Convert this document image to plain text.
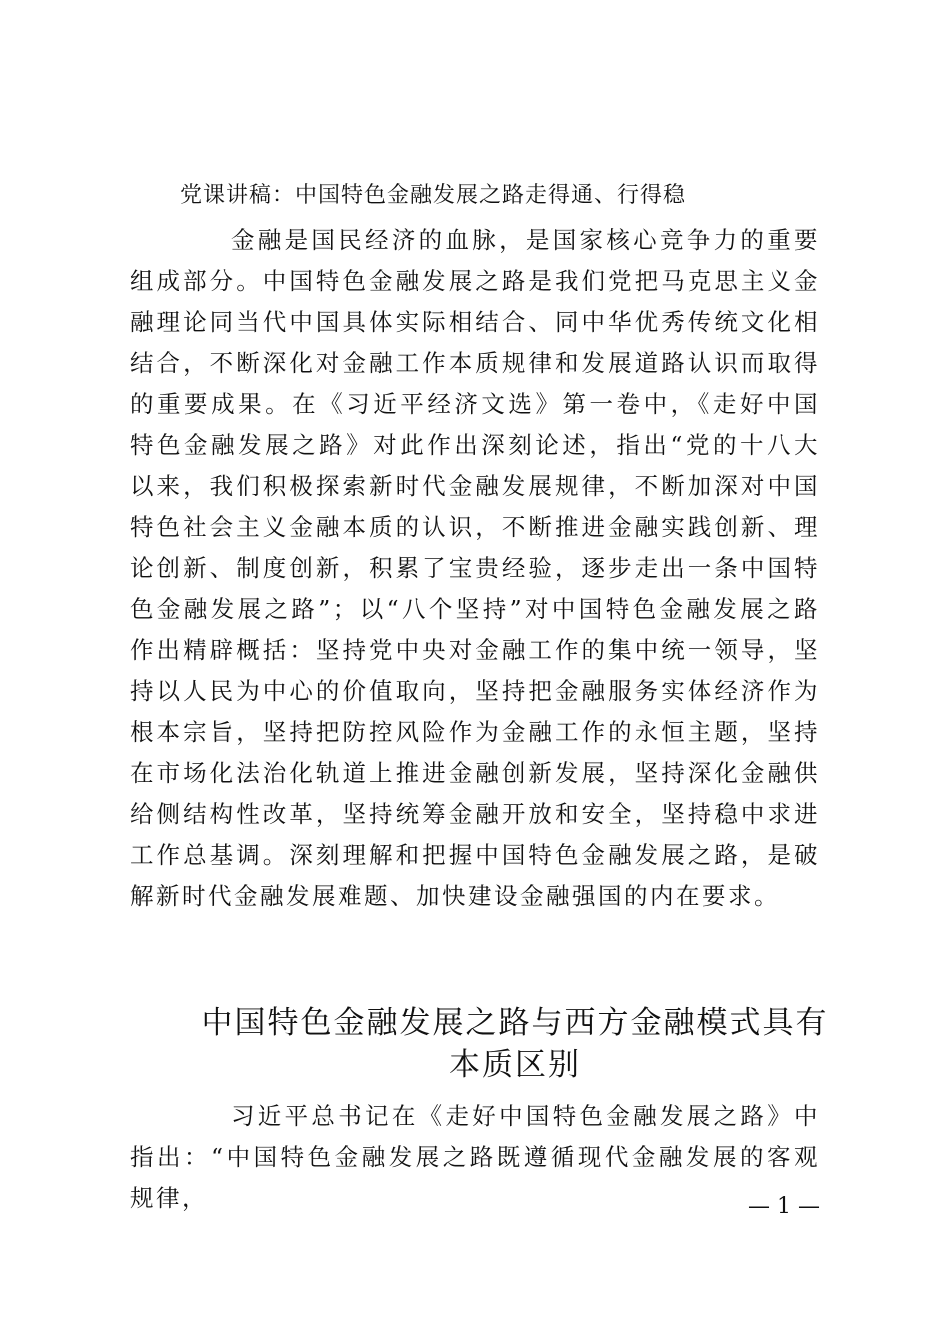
党课讲稿：中国特色金融发展之路走得通、行得稳

金融是国民经济的血脉，是国家核心竞争力的重要组成部分。中国特色金融发展之路是我们党把马克思主义金融理论同当代中国具体实际相结合、同中华优秀传统文化相结合，不断深化对金融工作本质规律和发展道路认识而取得的重要成果。在《习近平经济文选》第一卷中，《走好中国特色金融发展之路》对此作出深刻论述，指出“党的十八大以来，我们积极探索新时代金融发展规律，不断加深对中国特色社会主义金融本质的认识，不断推进金融实践创新、理论创新、制度创新，积累了宝贵经验，逐步走出一条中国特色金融发展之路”；以“八个坚持”对中国特色金融发展之路作出精辟概括：坚持党中央对金融工作的集中统一领导，坚持以人民为中心的价值取向，坚持把金融服务实体经济作为根本宗旨，坚持把防控风险作为金融工作的永恒主题，坚持在市场化法治化轨道上推进金融创新发展，坚持深化金融供给侧结构性改革，坚持统筹金融开放和安全，坚持稳中求进工作总基调。深刻理解和把握中国特色金融发展之路，是破解新时代金融发展难题、加快建设金融强国的内在要求。

中国特色金融发展之路与西方金融模式具有本质区别

习近平总书记在《走好中国特色金融发展之路》中指出：“中国特色金融发展之路既遵循现代金融发展的客观规律，	— 1 —
